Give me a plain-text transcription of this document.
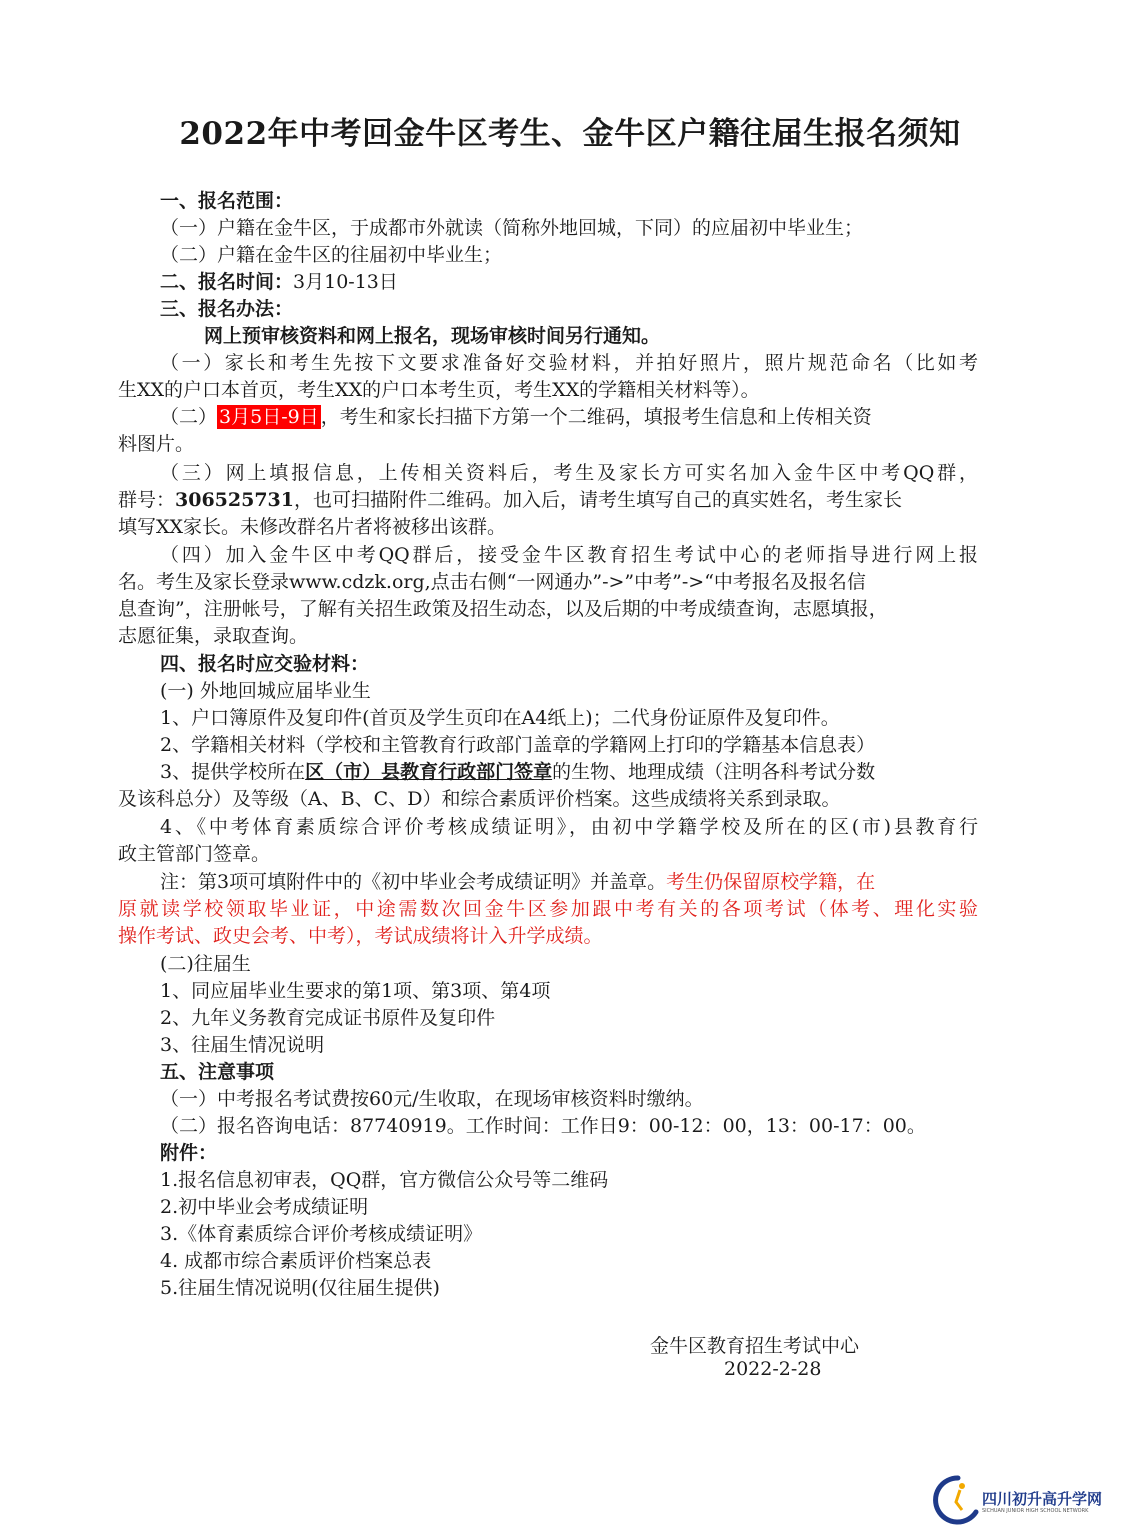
2022年中考回金牛区考生、金牛区户籍往届生报名须知

一、报名范围：

（一）户籍在金牛区，于成都市外就读（简称外地回城，下同）的应届初中毕业生；

（二）户籍在金牛区的往届初中毕业生；

二、报名时间：3月10-13日

三、报名办法：

网上预审核资料和网上报名，现场审核时间另行通知。

（一）家长和考生先按下文要求准备好交验材料，并拍好照片，照片规范命名（比如考

生XX的户口本首页，考生XX的户口本考生页，考生XX的学籍相关材料等）。

（二） 3月5日-9日 ，考生和家长扫描下方第一个二维码，填报考生信息和上传相关资

料图片。

（三）网上填报信息，上传相关资料后，考生及家长方可实名加入金牛区中考QQ群，

群号：306525731，也可扫描附件二维码。加入后，请考生填写自己的真实姓名，考生家长

填写XX家长。未修改群名片者将被移出该群。

（四）加入金牛区中考QQ群后，接受金牛区教育招生考试中心的老师指导进行网上报

名。考生及家长登录www.cdzk.org,点击右侧“一网通办”->”中考”->“中考报名及报名信

息查询”，注册帐号，了解有关招生政策及招生动态，以及后期的中考成绩查询，志愿填报，

志愿征集，录取查询。

四、报名时应交验材料：

(一) 外地回城应届毕业生

1、户口簿原件及复印件(首页及学生页印在A4纸上)；二代身份证原件及复印件。

2、学籍相关材料（学校和主管教育行政部门盖章的学籍网上打印的学籍基本信息表）

3、提供学校所在区（市）县教育行政部门签章的生物、地理成绩（注明各科考试分数

及该科总分）及等级（A、B、C、D）和综合素质评价档案。这些成绩将关系到录取。

4、《中考体育素质综合评价考核成绩证明》，由初中学籍学校及所在的区(市)县教育行

政主管部门签章。

注：第3项可填附件中的《初中毕业会考成绩证明》并盖章。考生仍保留原校学籍，在

原就读学校领取毕业证，中途需数次回金牛区参加跟中考有关的各项考试（体考、理化实验

操作考试、政史会考、中考），考试成绩将计入升学成绩。

(二)往届生

1、同应届毕业生要求的第1项、第3项、第4项

2、九年义务教育完成证书原件及复印件

3、往届生情况说明

五、注意事项

（一）中考报名考试费按60元/生收取，在现场审核资料时缴纳。

（二）报名咨询电话：87740919。工作时间：工作日9：00-12：00，13：00-17：00。

附件：

1.报名信息初审表，QQ群，官方微信公众号等二维码

2.初中毕业会考成绩证明

3.《体育素质综合评价考核成绩证明》

4. 成都市综合素质评价档案总表

5.往届生情况说明(仅往届生提供)

金牛区教育招生考试中心
2022-2-28
四川初升高升学网
SICHUAN JUNIOR HIGH SCHOOL NETWORK
